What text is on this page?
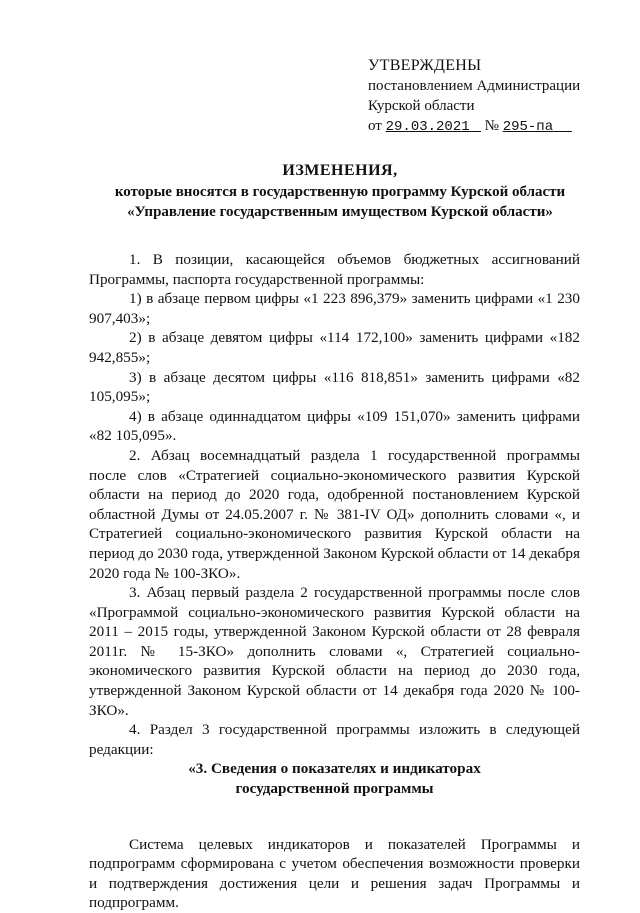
УТВЕРЖДЕНЫ
постановлением Администрации
Курской области
от 29.03.2021 № 295-па
ИЗМЕНЕНИЯ,
которые вносятся в государственную программу Курской области
«Управление государственным имуществом Курской области»

1. В позиции, касающейся объемов бюджетных ассигнований Программы, паспорта государственной программы:

1) в абзаце первом цифры «1 223 896,379» заменить цифрами «1 230 907,403»;

2) в абзаце девятом цифры «114 172,100» заменить цифрами «182 942,855»;

3) в абзаце десятом цифры «116 818,851» заменить цифрами «82 105,095»;

4) в абзаце одиннадцатом цифры «109 151,070» заменить цифрами «82 105,095».

2. Абзац восемнадцатый раздела 1 государственной программы после слов «Стратегией социально-экономического развития Курской области на период до 2020 года, одобренной постановлением Курской областной Думы от 24.05.2007 г. № 381-IV ОД» дополнить словами «, и Стратегией социально-экономического развития Курской области на период до 2030 года, утвержденной Законом Курской области от 14 декабря 2020 года № 100-ЗКО».

3. Абзац первый раздела 2 государственной программы после слов «Программой социально-экономического развития Курской области на 2011 – 2015 годы, утвержденной Законом Курской области от 28 февраля 2011г. № 15-ЗКО» дополнить словами «, Стратегией социально-экономического развития Курской области на период до 2030 года, утвержденной Законом Курской области от 14 декабря года 2020 № 100-ЗКО».

4. Раздел 3 государственной программы изложить в следующей редакции:

«3. Сведения о показателях и индикаторах

государственной программы

Система целевых индикаторов и показателей Программы и подпрограмм сформирована с учетом обеспечения возможности проверки и подтверждения достижения цели и решения задач Программы и подпрограмм.
